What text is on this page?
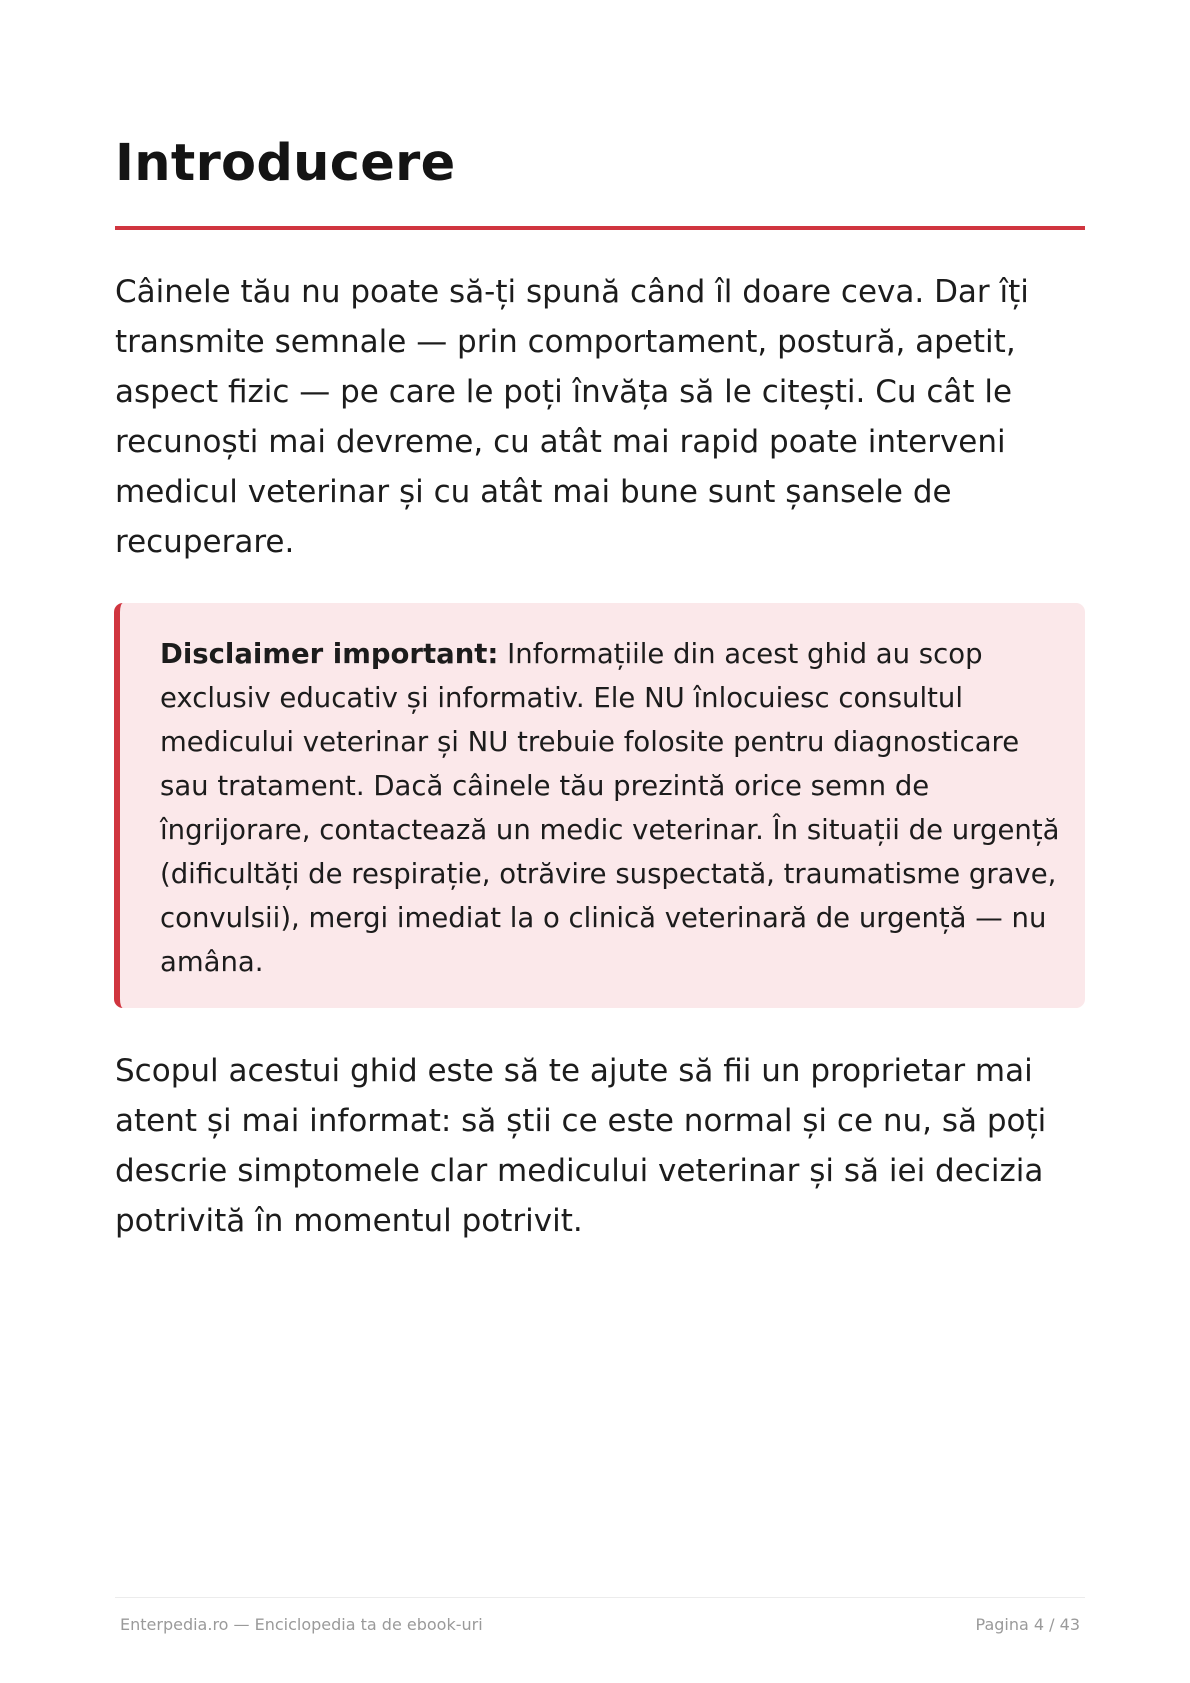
Introducere

Câinele tău nu poate să-ți spună când îl doare ceva. Dar îți transmite semnale — prin comportament, postură, apetit, aspect fizic — pe care le poți învăța să le citești. Cu cât le recunoști mai devreme, cu atât mai rapid poate interveni medicul veterinar și cu atât mai bune sunt șansele de recuperare.

Disclaimer important: Informațiile din acest ghid au scop exclusiv educativ și informativ. Ele NU înlocuiesc consultul medicului veterinar și NU trebuie folosite pentru diagnosticare sau tratament. Dacă câinele tău prezintă orice semn de îngrijorare, contactează un medic veterinar. În situații de urgență (dificultăți de respirație, otrăvire suspectată, traumatisme grave, convulsii), mergi imediat la o clinică veterinară de urgență — nu amâna.

Scopul acestui ghid este să te ajute să fii un proprietar mai atent și mai informat: să știi ce este normal și ce nu, să poți descrie simptomele clar medicului veterinar și să iei decizia potrivită în momentul potrivit.

Enterpedia.ro — Enciclopedia ta de ebook-uri	Pagina 4 / 43
